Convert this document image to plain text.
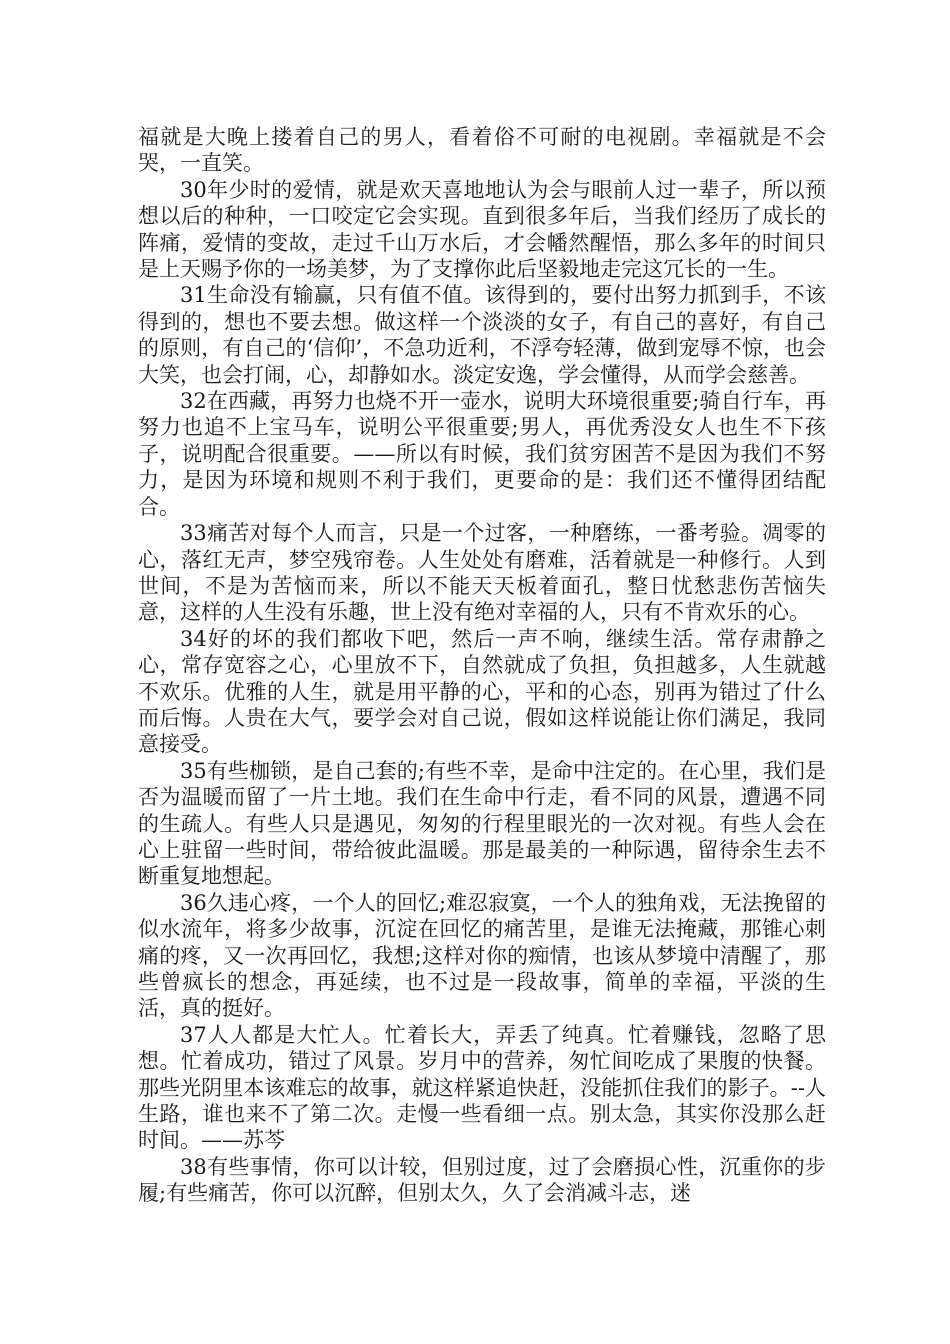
福就是大晚上搂着自己的男人，看着俗不可耐的电视剧。幸福就是不会哭，一直笑。

30年少时的爱情，就是欢天喜地地认为会与眼前人过一辈子，所以预想以后的种种，一口咬定它会实现。直到很多年后，当我们经历了成长的阵痛，爱情的变故，走过千山万水后，才会幡然醒悟，那么多年的时间只是上天赐予你的一场美梦，为了支撑你此后坚毅地走完这冗长的一生。

31生命没有输赢，只有值不值。该得到的，要付出努力抓到手，不该得到的，想也不要去想。做这样一个淡淡的女子，有自己的喜好，有自己的原则，有自己的‘信仰’，不急功近利，不浮夸轻薄，做到宠辱不惊，也会大笑，也会打闹，心，却静如水。淡定安逸，学会懂得，从而学会慈善。

32在西藏，再努力也烧不开一壶水，说明大环境很重要;骑自行车，再努力也追不上宝马车，说明公平很重要;男人，再优秀没女人也生不下孩子，说明配合很重要。——所以有时候，我们贫穷困苦不是因为我们不努力，是因为环境和规则不利于我们，更要命的是：我们还不懂得团结配合。

33痛苦对每个人而言，只是一个过客，一种磨练，一番考验。凋零的心，落红无声，梦空残帘卷。人生处处有磨难，活着就是一种修行。人到世间，不是为苦恼而来，所以不能天天板着面孔，整日忧愁悲伤苦恼失意，这样的人生没有乐趣，世上没有绝对幸福的人，只有不肯欢乐的心。

34好的坏的我们都收下吧，然后一声不响，继续生活。常存肃静之心，常存宽容之心，心里放不下，自然就成了负担，负担越多，人生就越不欢乐。优雅的人生，就是用平静的心，平和的心态，别再为错过了什么而后悔。人贵在大气，要学会对自己说，假如这样说能让你们满足，我同意接受。

35有些枷锁，是自己套的;有些不幸，是命中注定的。在心里，我们是否为温暖而留了一片土地。我们在生命中行走，看不同的风景，遭遇不同的生疏人。有些人只是遇见，匆匆的行程里眼光的一次对视。有些人会在心上驻留一些时间，带给彼此温暖。那是最美的一种际遇，留待余生去不断重复地想起。

36久违心疼，一个人的回忆;难忍寂寞，一个人的独角戏，无法挽留的似水流年，将多少故事，沉淀在回忆的痛苦里，是谁无法掩藏，那锥心刺痛的疼，又一次再回忆，我想;这样对你的痴情，也该从梦境中清醒了，那些曾疯长的想念，再延续，也不过是一段故事，简单的幸福，平淡的生活，真的挺好。

37人人都是大忙人。忙着长大，弄丢了纯真。忙着赚钱，忽略了思想。忙着成功，错过了风景。岁月中的营养，匆忙间吃成了果腹的快餐。那些光阴里本该难忘的故事，就这样紧追快赶，没能抓住我们的影子。--人生路，谁也来不了第二次。走慢一些看细一点。别太急，其实你没那么赶时间。——苏芩

38有些事情，你可以计较，但别过度，过了会磨损心性，沉重你的步履;有些痛苦，你可以沉醉，但别太久，久了会消减斗志，迷
